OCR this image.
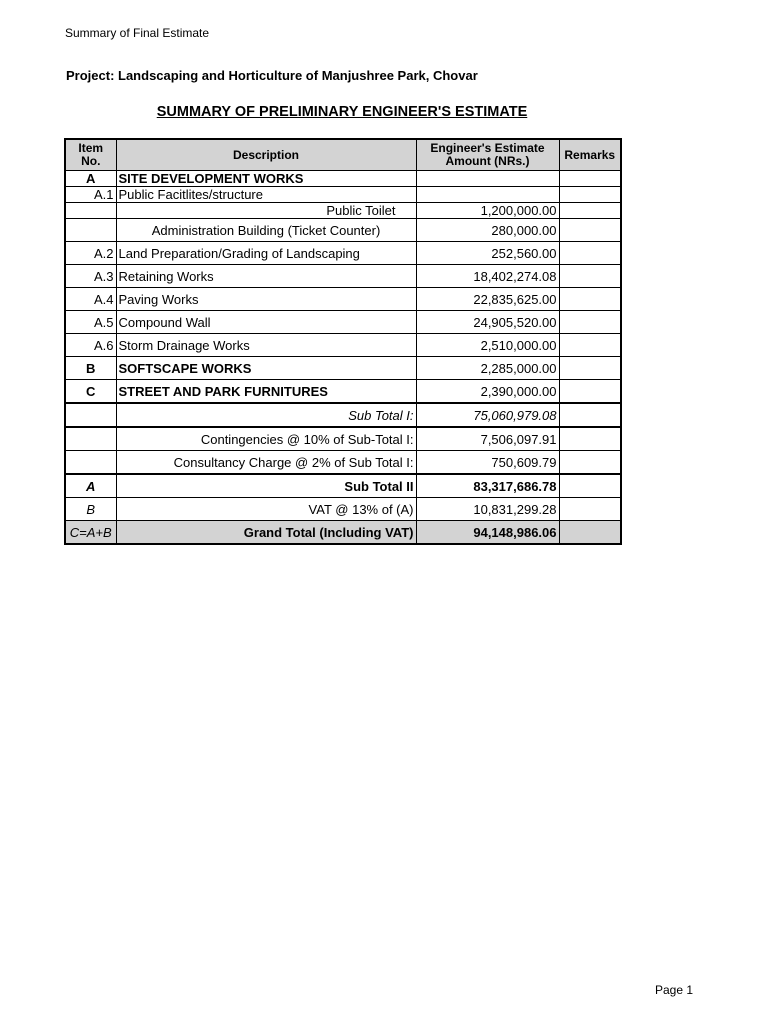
Summary of Final Estimate
Project: Landscaping and Horticulture of Manjushree Park, Chovar
SUMMARY OF PRELIMINARY ENGINEER'S ESTIMATE
Item No.	Description	Engineer's Estimate Amount (NRs.)	Remarks
A	SITE DEVELOPMENT WORKS		
A.1	Public Facitlites/structure		
	Public Toilet	1,200,000.00	
	Administration Building (Ticket Counter)	280,000.00	
A.2	Land Preparation/Grading of Landscaping	252,560.00	
A.3	Retaining Works	18,402,274.08	
A.4	Paving Works	22,835,625.00	
A.5	Compound Wall	24,905,520.00	
A.6	Storm Drainage Works	2,510,000.00	
B	SOFTSCAPE WORKS	2,285,000.00	
C	STREET AND PARK FURNITURES	2,390,000.00	
	Sub Total I:	75,060,979.08	
	Contingencies @ 10% of Sub-Total I:	7,506,097.91	
	Consultancy Charge @ 2% of Sub Total I:	750,609.79	
A	Sub Total II	83,317,686.78	
B	VAT @ 13% of (A)	10,831,299.28	
C=A+B	Grand Total (Including VAT)	94,148,986.06	
Page 1
